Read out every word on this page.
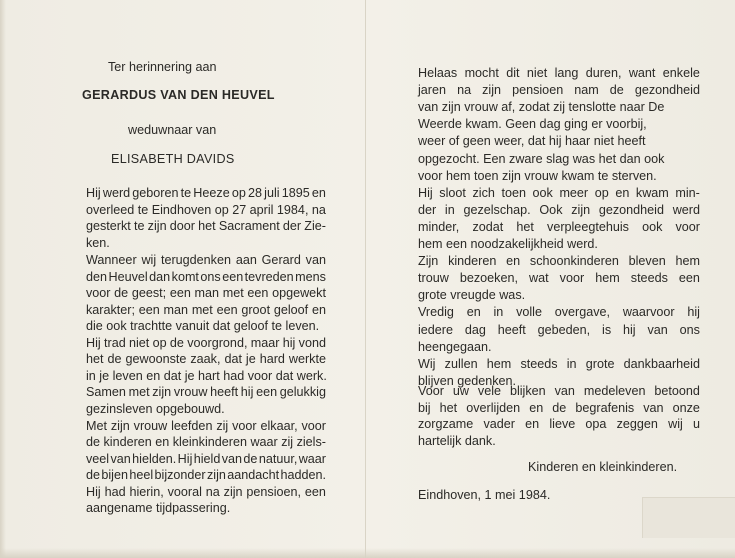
Ter herinnering aan
GERARDUS VAN DEN HEUVEL
weduwnaar van
ELISABETH DAVIDS
Hij werd geboren te Heeze op 28 juli 1895 en
overleed te Eindhoven op 27 april 1984, na
gesterkt te zijn door het Sacrament der Zie-
ken.
Wanneer wij terugdenken aan Gerard van
den Heuvel dan komt ons een tevreden mens
voor de geest; een man met een opgewekt
karakter; een man met een groot geloof en
die ook trachtte vanuit dat geloof te leven.
Hij trad niet op de voorgrond, maar hij vond
het de gewoonste zaak, dat je hard werkte
in je leven en dat je hart had voor dat werk.
Samen met zijn vrouw heeft hij een gelukkig
gezinsleven opgebouwd.
Met zijn vrouw leefden zij voor elkaar, voor
de kinderen en kleinkinderen waar zij ziels-
veel van hielden. Hij hield van de natuur, waar
de bijen heel bijzonder zijn aandacht hadden.
Hij had hierin, vooral na zijn pensioen, een
aangename tijdpassering.
Helaas mocht dit niet lang duren, want enkele
jaren na zijn pensioen nam de gezondheid
van zijn vrouw af, zodat zij tenslotte naar De
Weerde kwam. Geen dag ging er voorbij,
weer of geen weer, dat hij haar niet heeft
opgezocht. Een zware slag was het dan ook
voor hem toen zijn vrouw kwam te sterven.
Hij sloot zich toen ook meer op en kwam min-
der in gezelschap. Ook zijn gezondheid werd
minder, zodat het verpleegtehuis ook voor
hem een noodzakelijkheid werd.
Zijn kinderen en schoonkinderen bleven hem
trouw bezoeken, wat voor hem steeds een
grote vreugde was.
Vredig en in volle overgave, waarvoor hij
iedere dag heeft gebeden, is hij van ons
heengegaan.
Wij zullen hem steeds in grote dankbaarheid
blijven gedenken.
Voor uw vele blijken van medeleven betoond
bij het overlijden en de begrafenis van onze
zorgzame vader en lieve opa zeggen wij u
hartelijk dank.
Kinderen en kleinkinderen.
Eindhoven, 1 mei 1984.
